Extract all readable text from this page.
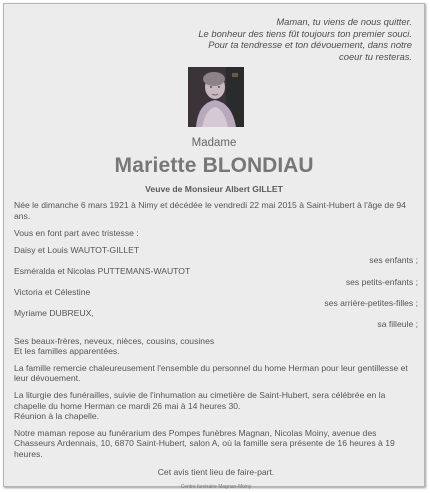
Maman, tu viens de nous quitter.
Le bonheur des tiens fût toujours ton premier souci.
Pour ta tendresse et ton dévouement, dans notre
coeur tu resteras.
Madame
Mariette BLONDIAU
Veuve de Monsieur Albert GILLET

Née le dimanche 6 mars 1921 à Nimy et décédée le vendredi 22 mai 2015 à Saint-Hubert à l'âge de 94 ans.

Vous en font part avec tristesse :

Daisy et Louis WAUTOT-GILLET

ses enfants ;

Esméralda et Nicolas PUTTEMANS-WAUTOT

ses petits-enfants ;

Victoria et Célestine

ses arrière-petites-filles ;

Myriame DUBREUX,

sa filleule ;

Ses beaux-frères, neveux, nièces, cousins, cousines

Et les familles apparentées.

La famille remercie chaleureusement l'ensemble du personnel du home Herman pour leur gentillesse et leur dévouement.

La liturgie des funérailles, suivie de l'inhumation au cimetière de Saint-Hubert, sera célébrée en la chapelle du home Herman ce mardi 26 mai à 14 heures 30.

Réunion à la chapelle.

Notre maman repose au funérarium des Pompes funèbres Magnan, Nicolas Moiny, avenue des Chasseurs Ardennais, 10, 6870 Saint-Hubert, salon A, où la famille sera présente de 16 heures à 19 heures.

Cet avis tient lieu de faire-part.

Centre funéraire Magnan-Moiny
